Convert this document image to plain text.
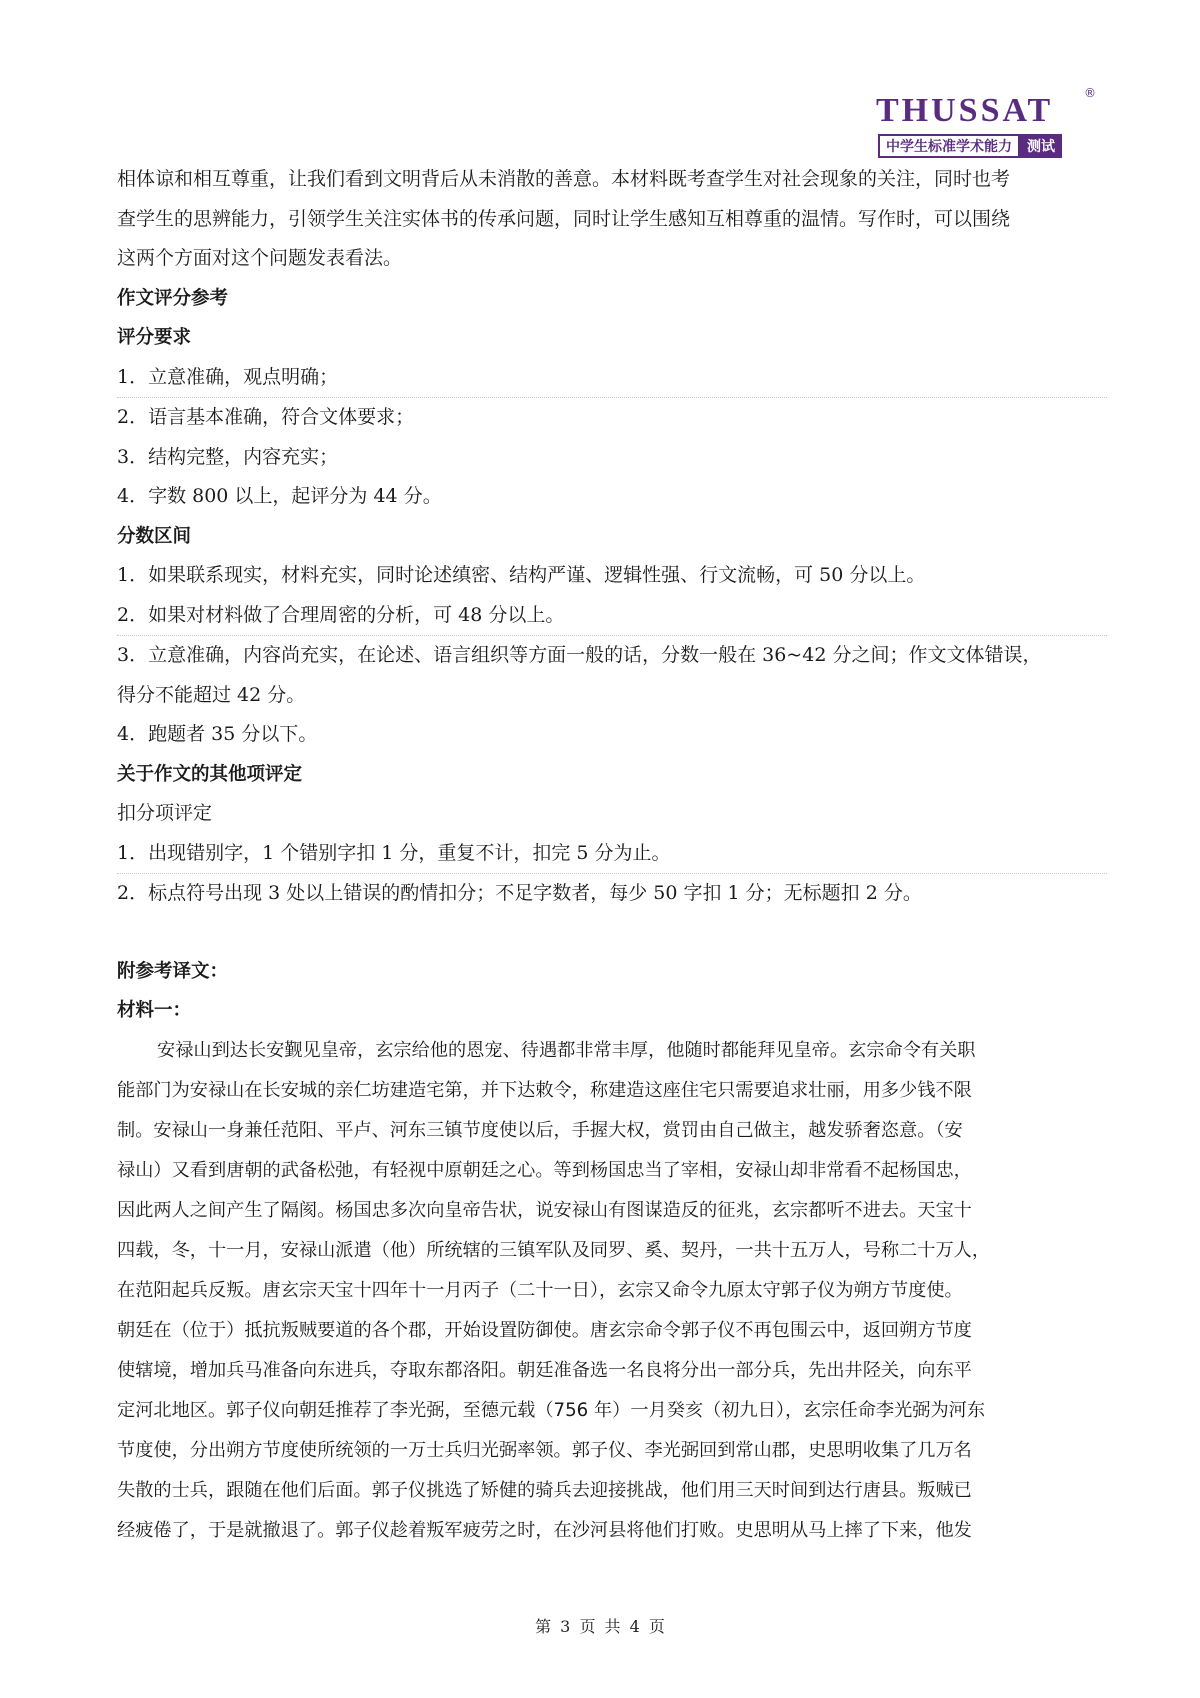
THUSSAT	®
中学生标准学术能力	测试
相体谅和相互尊重，让我们看到文明背后从未消散的善意。本材料既考查学生对社会现象的关注，同时也考
查学生的思辨能力，引领学生关注实体书的传承问题，同时让学生感知互相尊重的温情。写作时，可以围绕
这两个方面对这个问题发表看法。
作文评分参考
评分要求
1．立意准确，观点明确；
2．语言基本准确，符合文体要求；
3．结构完整，内容充实；
4．字数 800 以上，起评分为 44 分。
分数区间
1．如果联系现实，材料充实，同时论述缜密、结构严谨、逻辑性强、行文流畅，可 50 分以上。
2．如果对材料做了合理周密的分析，可 48 分以上。
3．立意准确，内容尚充实，在论述、语言组织等方面一般的话，分数一般在 36~42 分之间；作文文体错误，
得分不能超过 42 分。
4．跑题者 35 分以下。
关于作文的其他项评定
扣分项评定
1．出现错别字，1 个错别字扣 1 分，重复不计，扣完 5 分为止。
2．标点符号出现 3 处以上错误的酌情扣分；不足字数者，每少 50 字扣 1 分；无标题扣 2 分。
附参考译文：
材料一：
安禄山到达长安觐见皇帝，玄宗给他的恩宠、待遇都非常丰厚，他随时都能拜见皇帝。玄宗命令有关职
能部门为安禄山在长安城的亲仁坊建造宅第，并下达敕令，称建造这座住宅只需要追求壮丽，用多少钱不限
制。安禄山一身兼任范阳、平卢、河东三镇节度使以后，手握大权，赏罚由自己做主，越发骄奢恣意。（安
禄山）又看到唐朝的武备松弛，有轻视中原朝廷之心。等到杨国忠当了宰相，安禄山却非常看不起杨国忠，
因此两人之间产生了隔阂。杨国忠多次向皇帝告状，说安禄山有图谋造反的征兆，玄宗都听不进去。天宝十
四载，冬，十一月，安禄山派遣（他）所统辖的三镇军队及同罗、奚、契丹，一共十五万人，号称二十万人，
在范阳起兵反叛。唐玄宗天宝十四年十一月丙子（二十一日），玄宗又命令九原太守郭子仪为朔方节度使。
朝廷在（位于）抵抗叛贼要道的各个郡，开始设置防御使。唐玄宗命令郭子仪不再包围云中，返回朔方节度
使辖境，增加兵马准备向东进兵，夺取东都洛阳。朝廷准备选一名良将分出一部分兵，先出井陉关，向东平
定河北地区。郭子仪向朝廷推荐了李光弼，至德元载（756 年）一月癸亥（初九日），玄宗任命李光弼为河东
节度使，分出朔方节度使所统领的一万士兵归光弼率领。郭子仪、李光弼回到常山郡，史思明收集了几万名
失散的士兵，跟随在他们后面。郭子仪挑选了矫健的骑兵去迎接挑战，他们用三天时间到达行唐县。叛贼已
经疲倦了，于是就撤退了。郭子仪趁着叛军疲劳之时，在沙河县将他们打败。史思明从马上摔了下来，他发
第 3 页 共 4 页
